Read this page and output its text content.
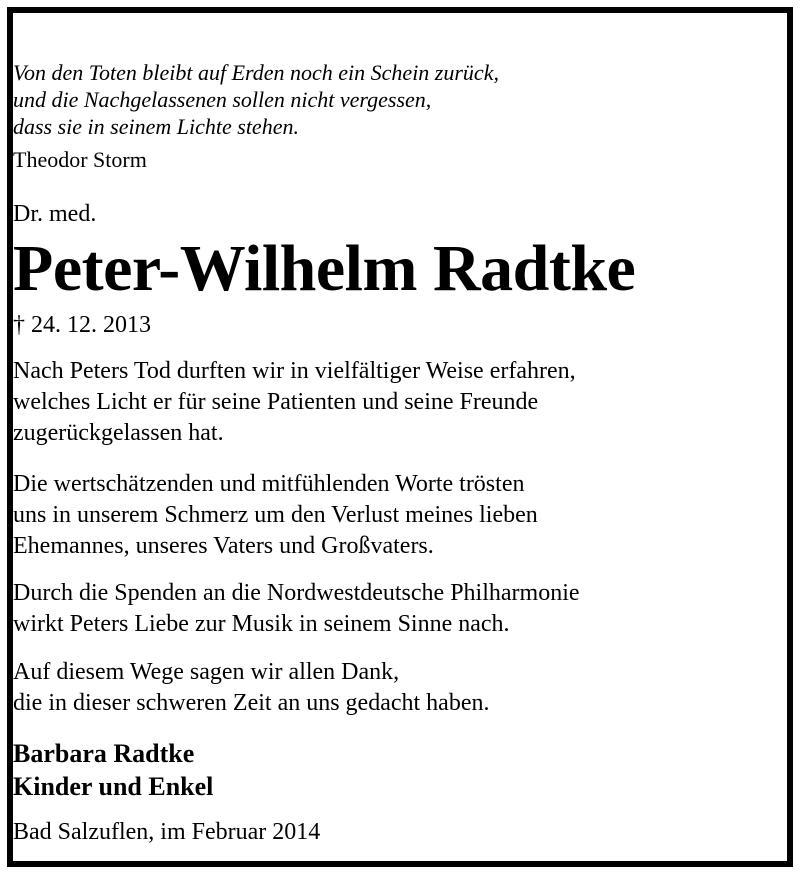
Von den Toten bleibt auf Erden noch ein Schein zurück,
und die Nachgelassenen sollen nicht vergessen,
dass sie in seinem Lichte stehen.
Theodor Storm
Dr. med.
Peter-Wilhelm Radtke
† 24. 12. 2013
Nach Peters Tod durften wir in vielfältiger Weise erfahren,
welches Licht er für seine Patienten und seine Freunde
zugerückgelassen hat.
Die wertschätzenden und mitfühlenden Worte trösten
uns in unserem Schmerz um den Verlust meines lieben
Ehemannes, unseres Vaters und Großvaters.
Durch die Spenden an die Nordwestdeutsche Philharmonie
wirkt Peters Liebe zur Musik in seinem Sinne nach.
Auf diesem Wege sagen wir allen Dank,
die in dieser schweren Zeit an uns gedacht haben.
Barbara Radtke
Kinder und Enkel
Bad Salzuflen, im Februar 2014
